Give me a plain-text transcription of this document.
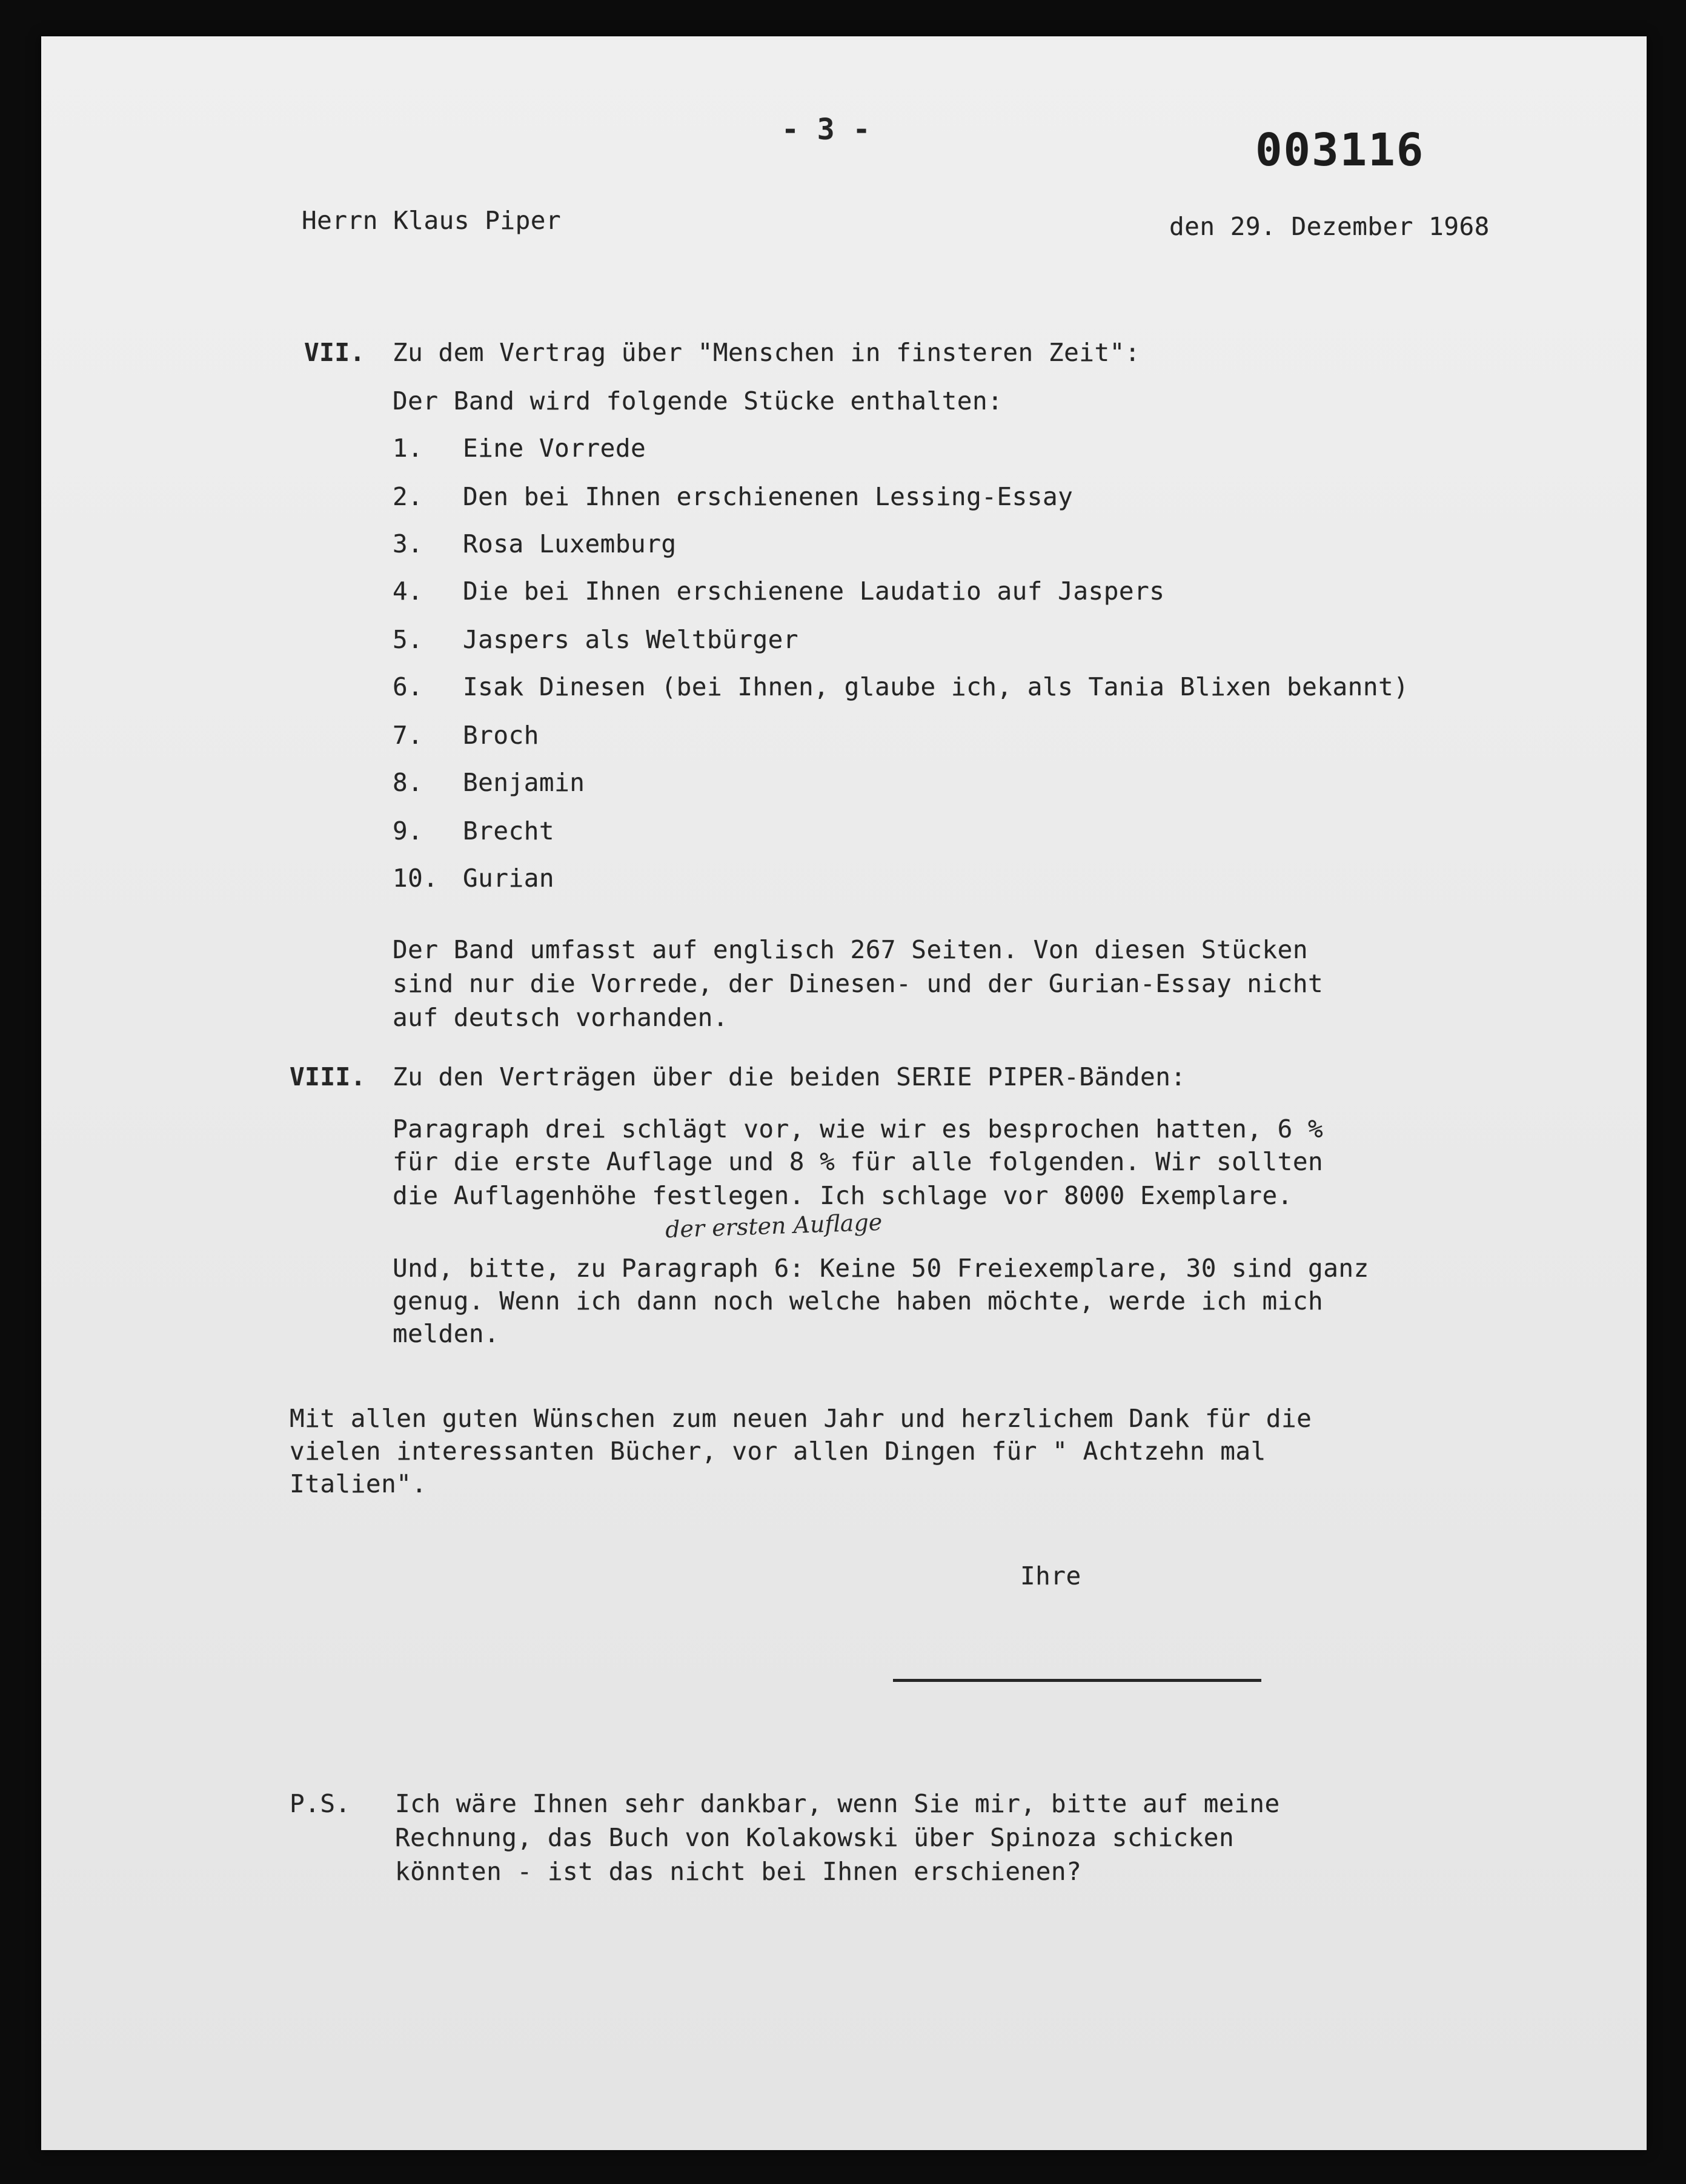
- 3 -	003116
Herrn Klaus Piper	den 29. Dezember 1968
VII. Zu dem Vertrag über "Menschen in finsteren Zeit":
Der Band wird folgende Stücke enthalten:
1. Eine Vorrede
2. Den bei Ihnen erschienenen Lessing-Essay
3. Rosa Luxemburg
4. Die bei Ihnen erschienene Laudatio auf Jaspers
5. Jaspers als Weltbürger
6. Isak Dinesen (bei Ihnen, glaube ich, als Tania Blixen bekannt)
7. Broch
8. Benjamin
9. Brecht
10. Gurian
Der Band umfasst auf englisch 267 Seiten. Von diesen Stücken
sind nur die Vorrede, der Dinesen- und der Gurian-Essay nicht
auf deutsch vorhanden.
VIII. Zu den Verträgen über die beiden SERIE PIPER-Bänden:
Paragraph drei schlägt vor, wie wir es besprochen hatten, 6 %
für die erste Auflage und 8 % für alle folgenden. Wir sollten
die Auflagenhöhe festlegen. Ich schlage vor 8000 Exemplare.
der ersten Auflage
Und, bitte, zu Paragraph 6: Keine 50 Freiexemplare, 30 sind ganz
genug. Wenn ich dann noch welche haben möchte, werde ich mich
melden.
Mit allen guten Wünschen zum neuen Jahr und herzlichem Dank für die
vielen interessanten Bücher, vor allen Dingen für " Achtzehn mal
Italien".
Ihre
P.S. Ich wäre Ihnen sehr dankbar, wenn Sie mir, bitte auf meine
Rechnung, das Buch von Kolakowski über Spinoza schicken
könnten - ist das nicht bei Ihnen erschienen?
